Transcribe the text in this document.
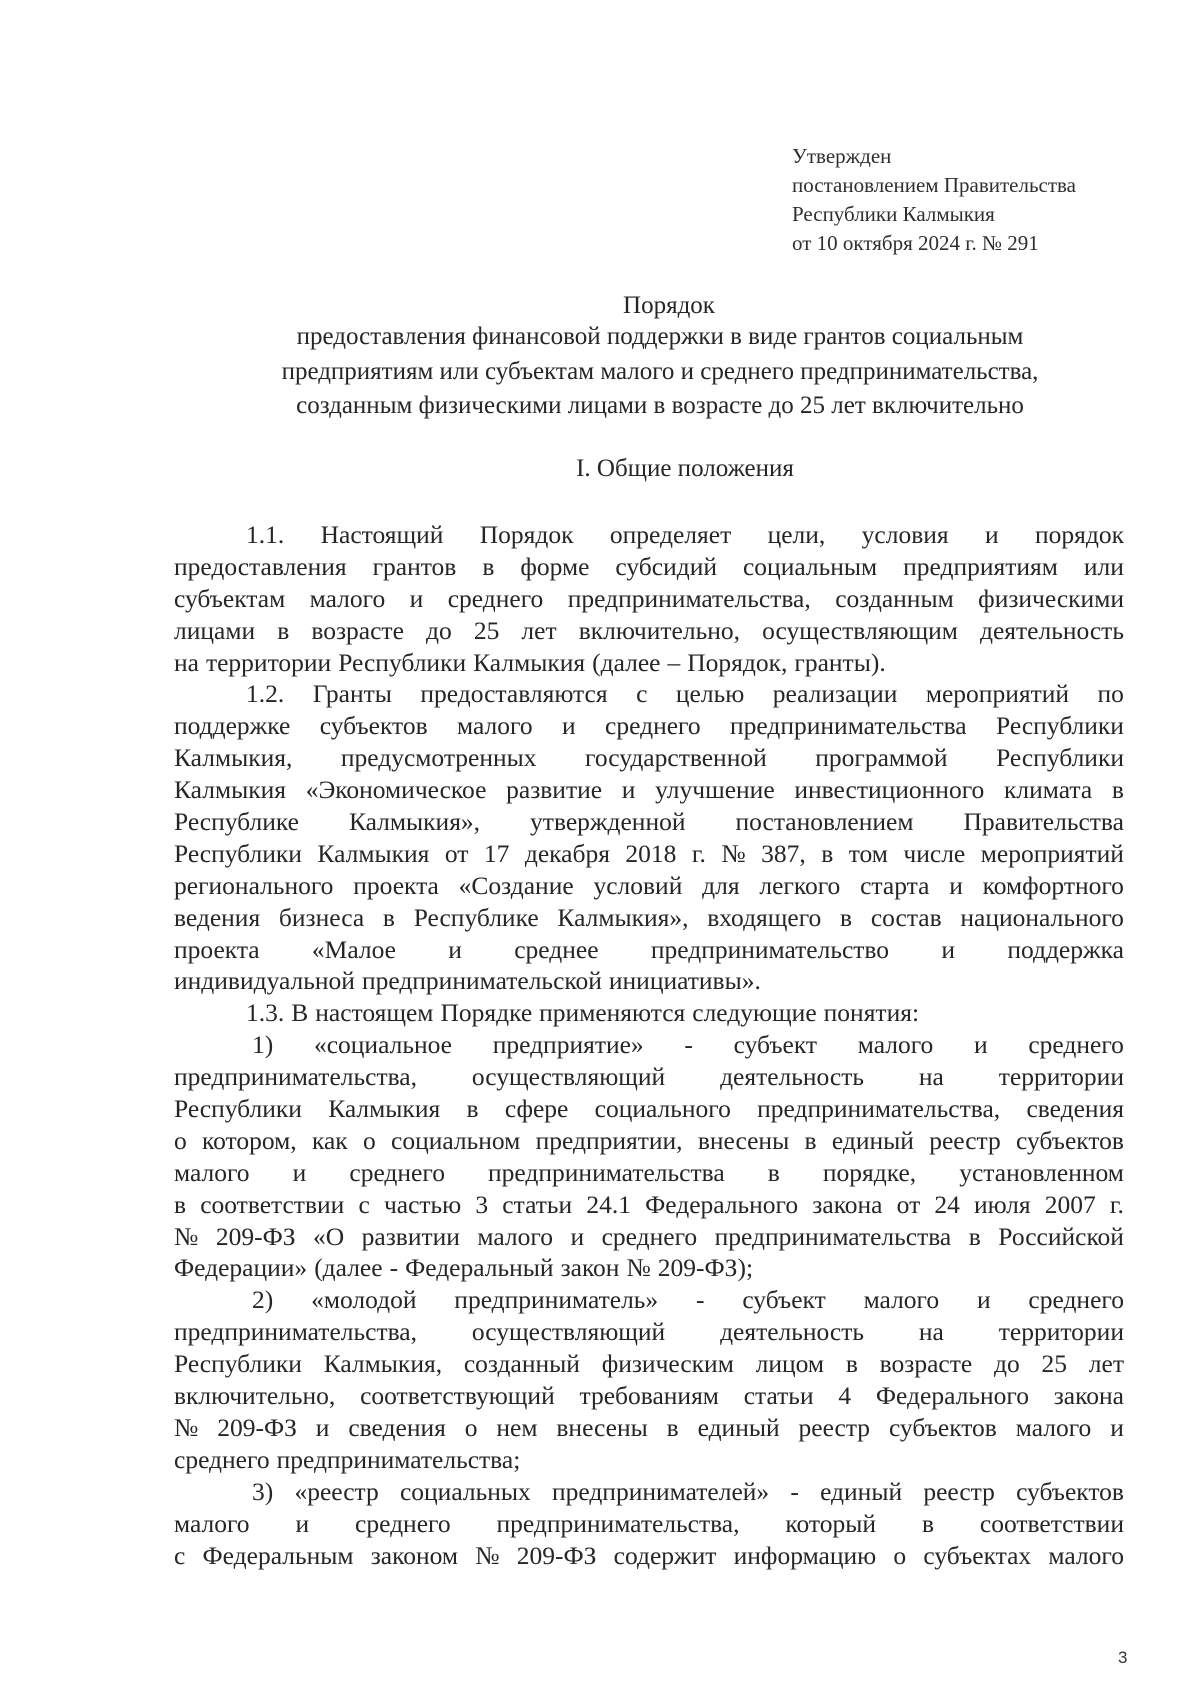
Утвержден
постановлением Правительства
Республики Калмыкия
от 10 октября 2024 г. № 291
Порядок
предоставления финансовой поддержки в виде грантов социальным
предприятиям или субъектам малого и среднего предпринимательства,
созданным физическими лицами в возрасте до 25 лет включительно
I. Общие положения
1.1. Настоящий Порядок определяет цели, условия и порядок
предоставления грантов в форме субсидий социальным предприятиям или
субъектам малого и среднего предпринимательства, созданным физическими
лицами в возрасте до 25 лет включительно, осуществляющим деятельность
на территории Республики Калмыкия (далее – Порядок, гранты).
1.2. Гранты предоставляются с целью реализации мероприятий по
поддержке субъектов малого и среднего предпринимательства Республики
Калмыкия, предусмотренных государственной программой Республики
Калмыкия «Экономическое развитие и улучшение инвестиционного климата в
Республике Калмыкия», утвержденной постановлением Правительства
Республики Калмыкия от 17 декабря 2018 г. № 387, в том числе мероприятий
регионального проекта «Создание условий для легкого старта и комфортного
ведения бизнеса в Республике Калмыкия», входящего в состав национального
проекта «Малое и среднее предпринимательство и поддержка
индивидуальной предпринимательской инициативы».
1.3. В настоящем Порядке применяются следующие понятия:
1) «социальное предприятие» - субъект малого и среднего
предпринимательства, осуществляющий деятельность на территории
Республики Калмыкия в сфере социального предпринимательства, сведения
о котором, как о социальном предприятии, внесены в единый реестр субъектов
малого и среднего предпринимательства в порядке, установленном
в соответствии с частью 3 статьи 24.1 Федерального закона от 24 июля 2007 г.
№ 209-ФЗ «О развитии малого и среднего предпринимательства в Российской
Федерации» (далее - Федеральный закон № 209-ФЗ);
2) «молодой предприниматель» - субъект малого и среднего
предпринимательства, осуществляющий деятельность на территории
Республики Калмыкия, созданный физическим лицом в возрасте до 25 лет
включительно, соответствующий требованиям статьи 4 Федерального закона
№ 209-ФЗ и сведения о нем внесены в единый реестр субъектов малого и
среднего предпринимательства;
3) «реестр социальных предпринимателей» - единый реестр субъектов
малого и среднего предпринимательства, который в соответствии
с Федеральным законом № 209-ФЗ содержит информацию о субъектах малого
3
